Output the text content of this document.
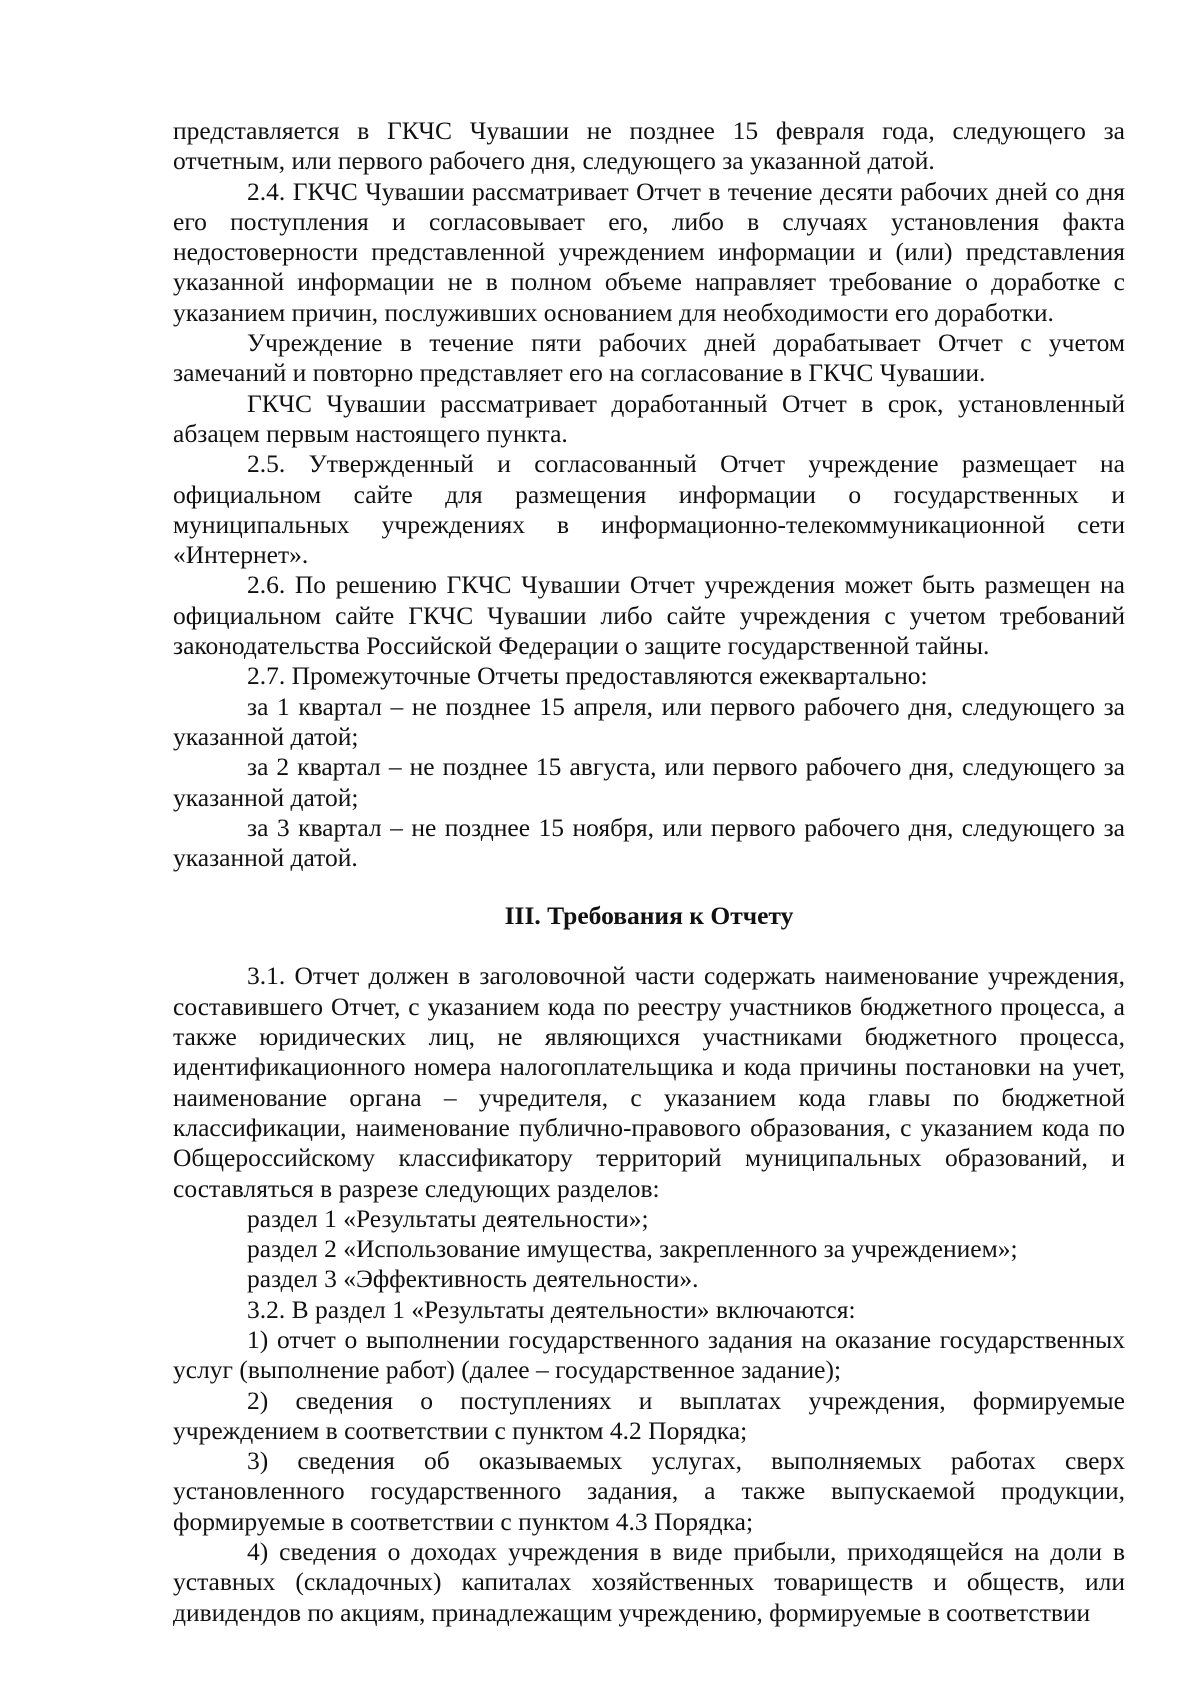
представляется в ГКЧС Чувашии не позднее 15 февраля года, следующего за отчетным, или первого рабочего дня, следующего за указанной датой.

2.4. ГКЧС Чувашии рассматривает Отчет в течение десяти рабочих дней со дня его поступления и согласовывает его, либо в случаях установления факта недостоверности представленной учреждением информации и (или) представления указанной информации не в полном объеме направляет требование о доработке с указанием причин, послуживших основанием для необходимости его доработки.

Учреждение в течение пяти рабочих дней дорабатывает Отчет с учетом замечаний и повторно представляет его на согласование в ГКЧС Чувашии.

ГКЧС Чувашии рассматривает доработанный Отчет в срок, установленный абзацем первым настоящего пункта.

2.5. Утвержденный и согласованный Отчет учреждение размещает на официальном сайте для размещения информации о государственных и муниципальных учреждениях в информационно-телекоммуникационной сети «Интернет».

2.6. По решению ГКЧС Чувашии Отчет учреждения может быть размещен на официальном сайте ГКЧС Чувашии либо сайте учреждения с учетом требований законодательства Российской Федерации о защите государственной тайны.

2.7. Промежуточные Отчеты предоставляются ежеквартально:

за 1 квартал – не позднее 15 апреля, или первого рабочего дня, следующего за указанной датой;

за 2 квартал – не позднее 15 августа, или первого рабочего дня, следующего за указанной датой;

за 3 квартал – не позднее 15 ноября, или первого рабочего дня, следующего за указанной датой.

III. Требования к Отчету

3.1. Отчет должен в заголовочной части содержать наименование учреждения, составившего Отчет, с указанием кода по реестру участников бюджетного процесса, а также юридических лиц, не являющихся участниками бюджетного процесса, идентификационного номера налогоплательщика и кода причины постановки на учет, наименование органа – учредителя, с указанием кода главы по бюджетной классификации, наименование публично-правового образования, с указанием кода по Общероссийскому классификатору территорий муниципальных образований, и составляться в разрезе следующих разделов:

раздел 1 «Результаты деятельности»;

раздел 2 «Использование имущества, закрепленного за учреждением»;

раздел 3 «Эффективность деятельности».

3.2. В раздел 1 «Результаты деятельности» включаются:

1) отчет о выполнении государственного задания на оказание государственных услуг (выполнение работ) (далее – государственное задание);

2) сведения о поступлениях и выплатах учреждения, формируемые учреждением в соответствии с пунктом 4.2 Порядка;

3) сведения об оказываемых услугах, выполняемых работах сверх установленного государственного задания, а также выпускаемой продукции, формируемые в соответствии с пунктом 4.3 Порядка;

4) сведения о доходах учреждения в виде прибыли, приходящейся на доли в уставных (складочных) капиталах хозяйственных товариществ и обществ, или дивидендов по акциям, принадлежащим учреждению, формируемые в соответствии
